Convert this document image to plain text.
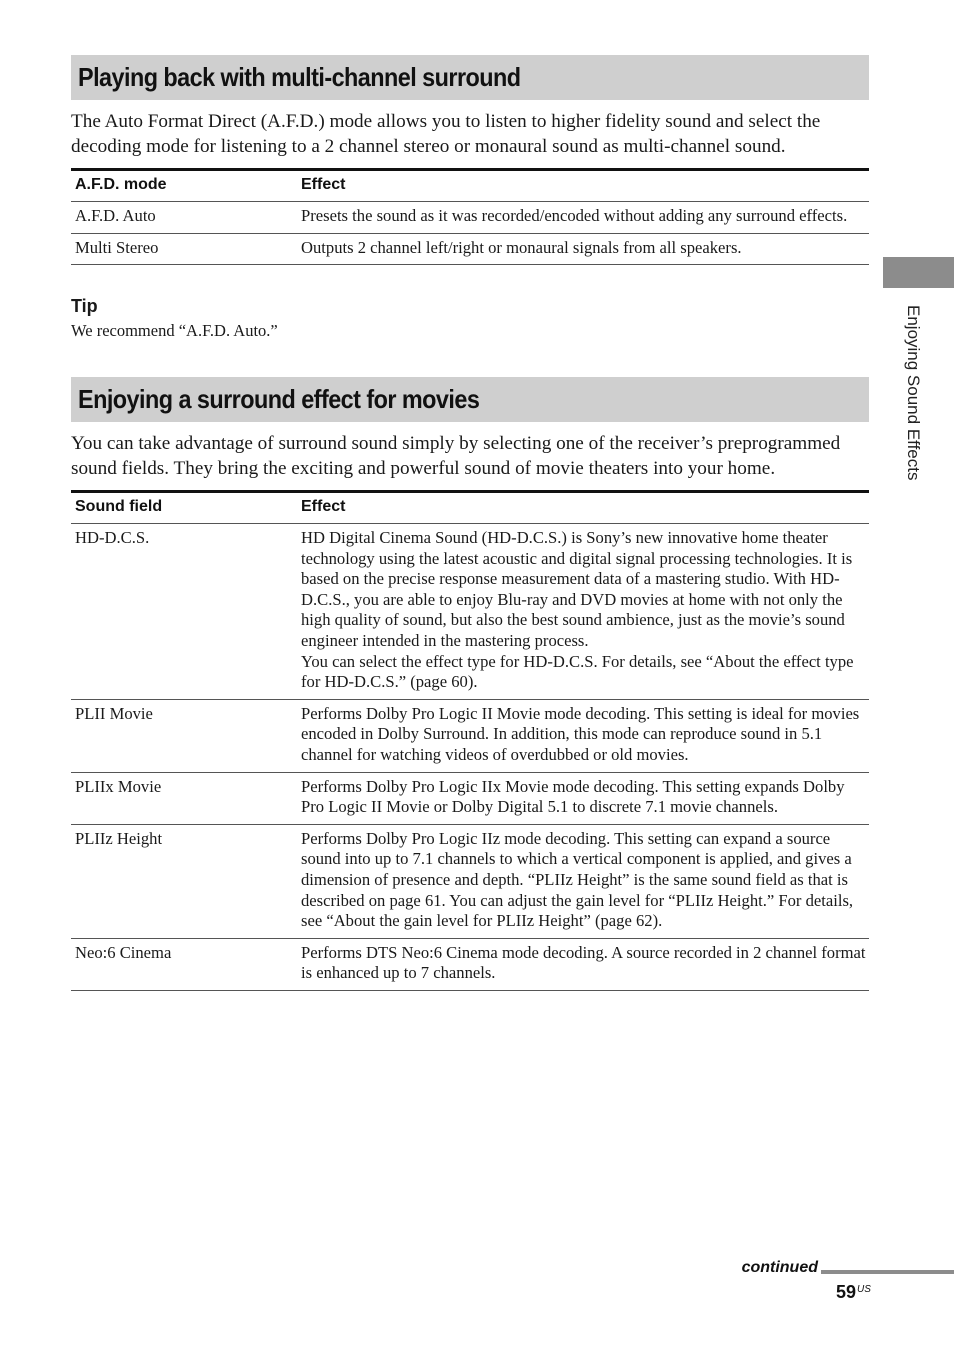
Playing back with multi-channel surround

The Auto Format Direct (A.F.D.) mode allows you to listen to higher fidelity sound and select the decoding mode for listening to a 2 channel stereo or monaural sound as multi-channel sound.

A.F.D. mode	Effect
A.F.D. Auto	Presets the sound as it was recorded/encoded without adding any surround effects.
Multi Stereo	Outputs 2 channel left/right or monaural signals from all speakers.

Tip

We recommend “A.F.D. Auto.”

Enjoying a surround effect for movies

You can take advantage of surround sound simply by selecting one of the receiver’s preprogrammed sound fields. They bring the exciting and powerful sound of movie theaters into your home.

Sound field	Effect
HD-D.C.S.	HD Digital Cinema Sound (HD-D.C.S.) is Sony’s new innovative home theater technology using the latest acoustic and digital signal processing technologies. It is based on the precise response measurement data of a mastering studio. With HD-D.C.S., you are able to enjoy Blu-ray and DVD movies at home with not only the high quality of sound, but also the best sound ambience, just as the movie’s sound engineer intended in the mastering process.
You can select the effect type for HD-D.C.S. For details, see “About the effect type for HD-D.C.S.” (page 60).
PLII Movie	Performs Dolby Pro Logic II Movie mode decoding. This setting is ideal for movies encoded in Dolby Surround. In addition, this mode can reproduce sound in 5.1 channel for watching videos of overdubbed or old movies.
PLIIx Movie	Performs Dolby Pro Logic IIx Movie mode decoding. This setting expands Dolby Pro Logic II Movie or Dolby Digital 5.1 to discrete 7.1 movie channels.
PLIIz Height	Performs Dolby Pro Logic IIz mode decoding. This setting can expand a source sound into up to 7.1 channels to which a vertical component is applied, and gives a dimension of presence and depth. “PLIIz Height” is the same sound field as that is described on page 61. You can adjust the gain level for “PLIIz Height.” For details, see “About the gain level for PLIIz Height” (page 62).
Neo:6 Cinema	Performs DTS Neo:6 Cinema mode decoding. A source recorded in 2 channel format is enhanced up to 7 channels.
Enjoying Sound Effects

continued

$59^{US}$
